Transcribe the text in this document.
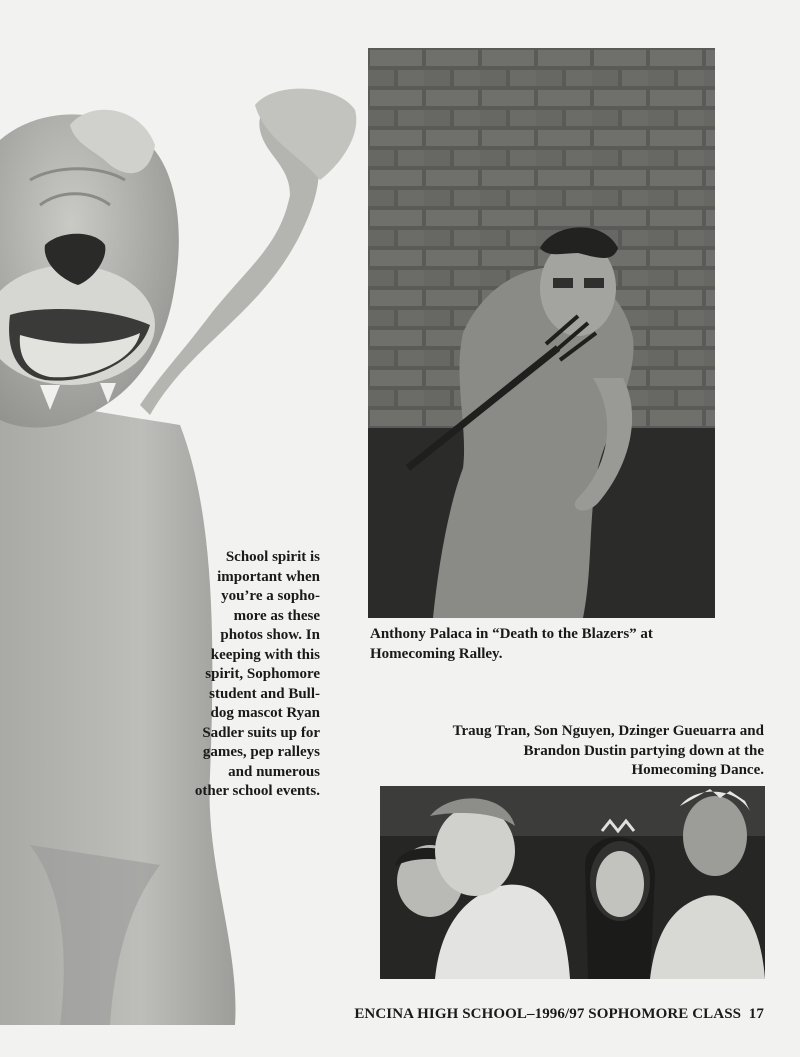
School spirit is
important when
you’re a sopho-
more as these
photos show. In
keeping with this
spirit, Sophomore
student and Bull-
dog mascot Ryan
Sadler suits up for
games, pep ralleys
and numerous
other school events.
Anthony Palaca in “Death to the Blazers” at
Homecoming Ralley.
Traug Tran, Son Nguyen, Dzinger Gueuarra and
Brandon Dustin partying down at the
Homecoming Dance.
ENCINA HIGH SCHOOL–1996/97 SOPHOMORE CLASS 17
